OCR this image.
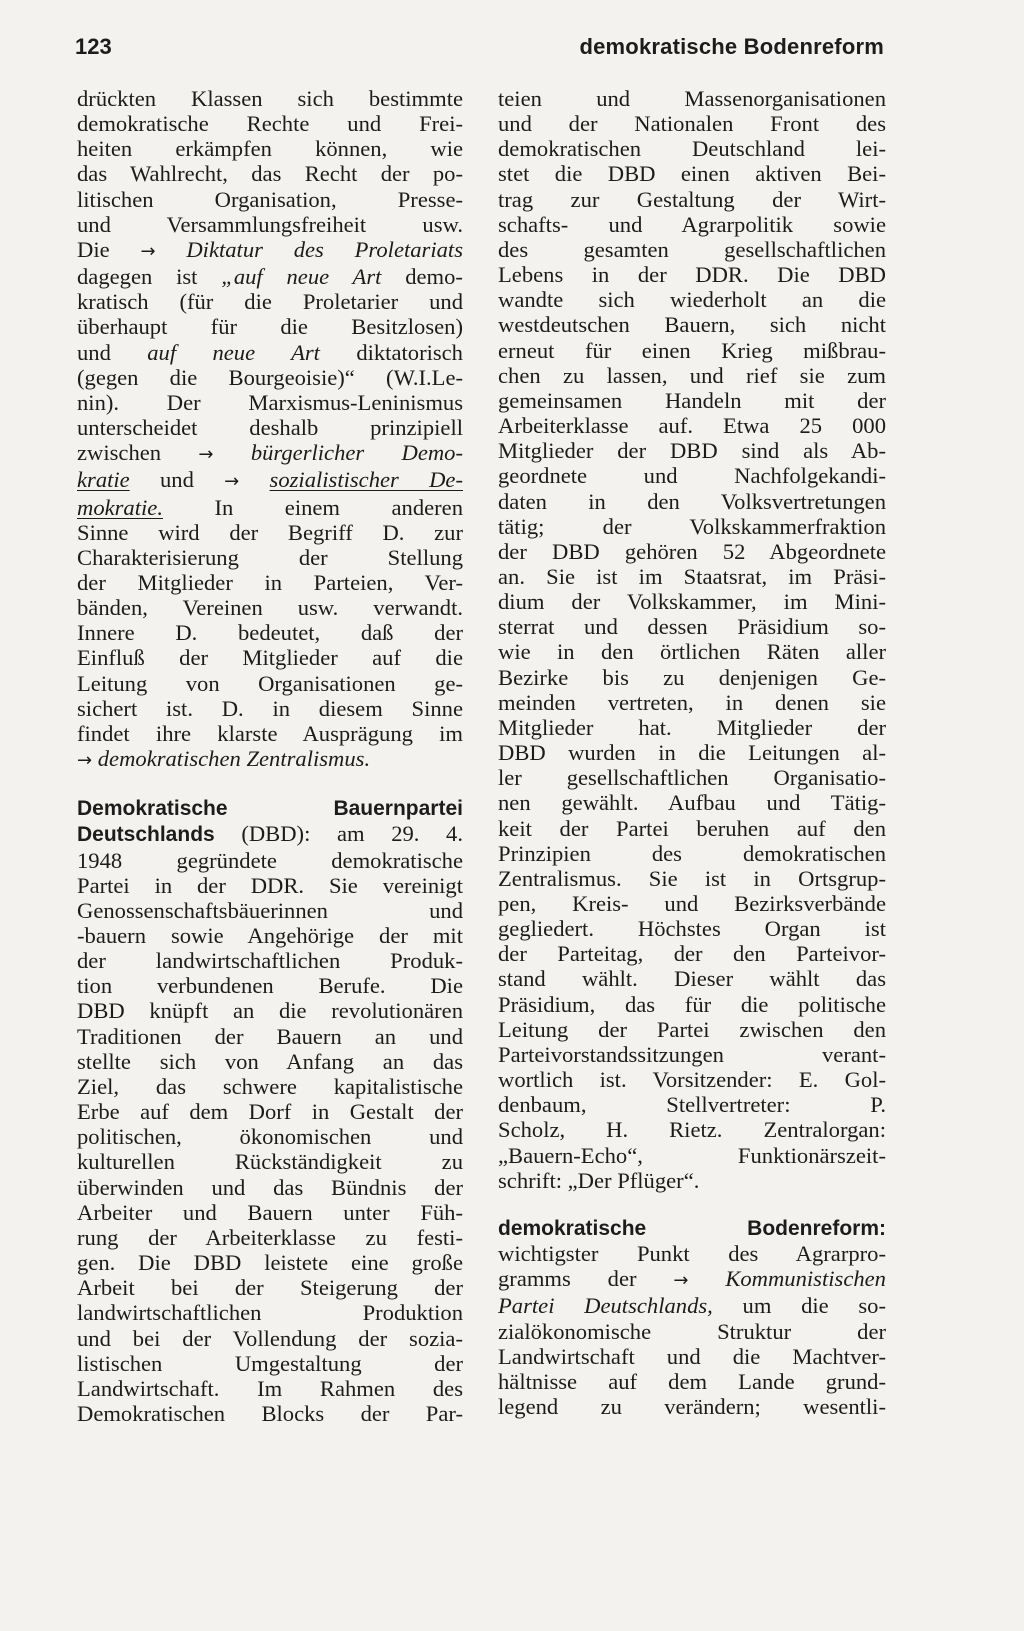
123	demokratische Bodenreform
drückten Klassen sich bestimmte
demokratische Rechte und Frei-
heiten erkämpfen können, wie
das Wahlrecht, das Recht der po-
litischen Organisation, Presse-
und Versammlungsfreiheit usw.
Die → Diktatur des Proletariats
dagegen ist „auf neue Art demo-
kratisch (für die Proletarier und
überhaupt für die Besitzlosen)
und auf neue Art diktatorisch
(gegen die Bourgeoisie)“ (W.I.Le-
nin). Der Marxismus-Leninismus
unterscheidet deshalb prinzipiell
zwischen → bürgerlicher Demo-
kratie und → sozialistischer De-
mokratie. In einem anderen
Sinne wird der Begriff D. zur
Charakterisierung der Stellung
der Mitglieder in Parteien, Ver-
bänden, Vereinen usw. verwandt.
Innere D. bedeutet, daß der
Einfluß der Mitglieder auf die
Leitung von Organisationen ge-
sichert ist. D. in diesem Sinne
findet ihre klarste Ausprägung im
→ demokratischen Zentralismus.
Demokratische Bauernpartei
Deutschlands (DBD): am 29. 4.
1948 gegründete demokratische
Partei in der DDR. Sie vereinigt
Genossenschaftsbäuerinnen und
-bauern sowie Angehörige der mit
der landwirtschaftlichen Produk-
tion verbundenen Berufe. Die
DBD knüpft an die revolutionären
Traditionen der Bauern an und
stellte sich von Anfang an das
Ziel, das schwere kapitalistische
Erbe auf dem Dorf in Gestalt der
politischen, ökonomischen und
kulturellen Rückständigkeit zu
überwinden und das Bündnis der
Arbeiter und Bauern unter Füh-
rung der Arbeiterklasse zu festi-
gen. Die DBD leistete eine große
Arbeit bei der Steigerung der
landwirtschaftlichen Produktion
und bei der Vollendung der sozia-
listischen Umgestaltung der
Landwirtschaft. Im Rahmen des
Demokratischen Blocks der Par-
teien und Massenorganisationen
und der Nationalen Front des
demokratischen Deutschland lei-
stet die DBD einen aktiven Bei-
trag zur Gestaltung der Wirt-
schafts- und Agrarpolitik sowie
des gesamten gesellschaftlichen
Lebens in der DDR. Die DBD
wandte sich wiederholt an die
westdeutschen Bauern, sich nicht
erneut für einen Krieg mißbrau-
chen zu lassen, und rief sie zum
gemeinsamen Handeln mit der
Arbeiterklasse auf. Etwa 25 000
Mitglieder der DBD sind als Ab-
geordnete und Nachfolgekandi-
daten in den Volksvertretungen
tätig; der Volkskammerfraktion
der DBD gehören 52 Abgeordnete
an. Sie ist im Staatsrat, im Präsi-
dium der Volkskammer, im Mini-
sterrat und dessen Präsidium so-
wie in den örtlichen Räten aller
Bezirke bis zu denjenigen Ge-
meinden vertreten, in denen sie
Mitglieder hat. Mitglieder der
DBD wurden in die Leitungen al-
ler gesellschaftlichen Organisatio-
nen gewählt. Aufbau und Tätig-
keit der Partei beruhen auf den
Prinzipien des demokratischen
Zentralismus. Sie ist in Ortsgrup-
pen, Kreis- und Bezirksverbände
gegliedert. Höchstes Organ ist
der Parteitag, der den Parteivor-
stand wählt. Dieser wählt das
Präsidium, das für die politische
Leitung der Partei zwischen den
Parteivorstandssitzungen verant-
wortlich ist. Vorsitzender: E. Gol-
denbaum, Stellvertreter: P.
Scholz, H. Rietz. Zentralorgan:
„Bauern-Echo“, Funktionärszeit-
schrift: „Der Pflüger“.
demokratische Bodenreform:
wichtigster Punkt des Agrarpro-
gramms der → Kommunistischen
Partei Deutschlands, um die so-
zialökonomische Struktur der
Landwirtschaft und die Machtver-
hältnisse auf dem Lande grund-
legend zu verändern; wesentli-
